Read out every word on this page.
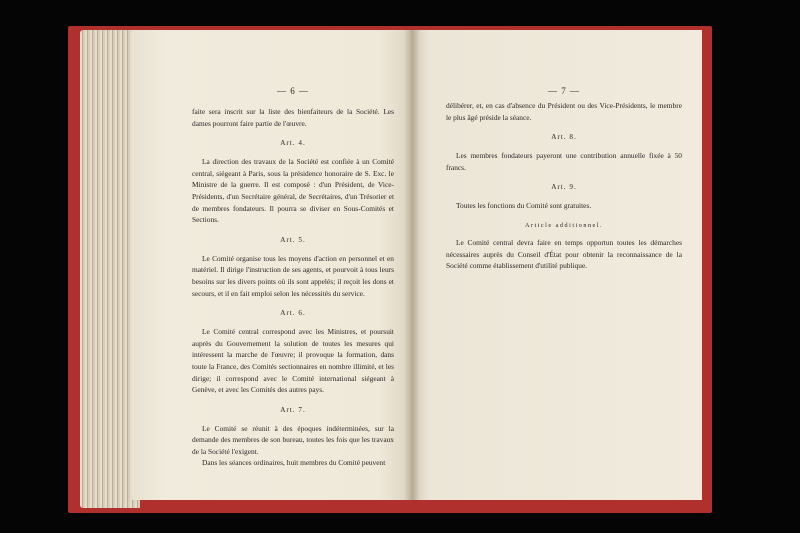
— 6 —

faite sera inscrit sur la liste des bienfaiteurs de la Société. Les dames pourront faire partie de l'œuvre.

Art. 4.

La direction des travaux de la Société est confiée à un Comité central, siégeant à Paris, sous la présidence honoraire de S. Exc. le Ministre de la guerre. Il est composé : d'un Président, de Vice-Présidents, d'un Secrétaire général, de Secrétaires, d'un Trésorier et de membres fondateurs. Il pourra se diviser en Sous-Comités et Sections.

Art. 5.

Le Comité organise tous les moyens d'action en personnel et en matériel. Il dirige l'instruction de ses agents, et pourvoit à tous leurs besoins sur les divers points où ils sont appelés; il reçoit les dons et secours, et il en fait emploi selon les nécessités du service.

Art. 6.

Le Comité central correspond avec les Ministres, et poursuit auprès du Gouvernement la solution de toutes les mesures qui intéressent la marche de l'œuvre; il provoque la formation, dans toute la France, des Comités sectionnaires en nombre illimité, et les dirige; il correspond avec le Comité international siégeant à Genève, et avec les Comités des autres pays.

Art. 7.

Le Comité se réunit à des époques indéterminées, sur la demande des membres de son bureau, toutes les fois que les travaux de la Société l'exigent.

Dans les séances ordinaires, huit membres du Comité peuvent

— 7 —

délibérer, et, en cas d'absence du Président ou des Vice-Présidents, le membre le plus âgé préside la séance.

Art. 8.

Les membres fondateurs payeront une contribution annuelle fixée à 50 francs.

Art. 9.

Toutes les fonctions du Comité sont gratuites.

Article additionnel.

Le Comité central devra faire en temps opportun toutes les démarches nécessaires auprès du Conseil d'État pour obtenir la reconnaissance de la Société comme établissement d'utilité publique.
